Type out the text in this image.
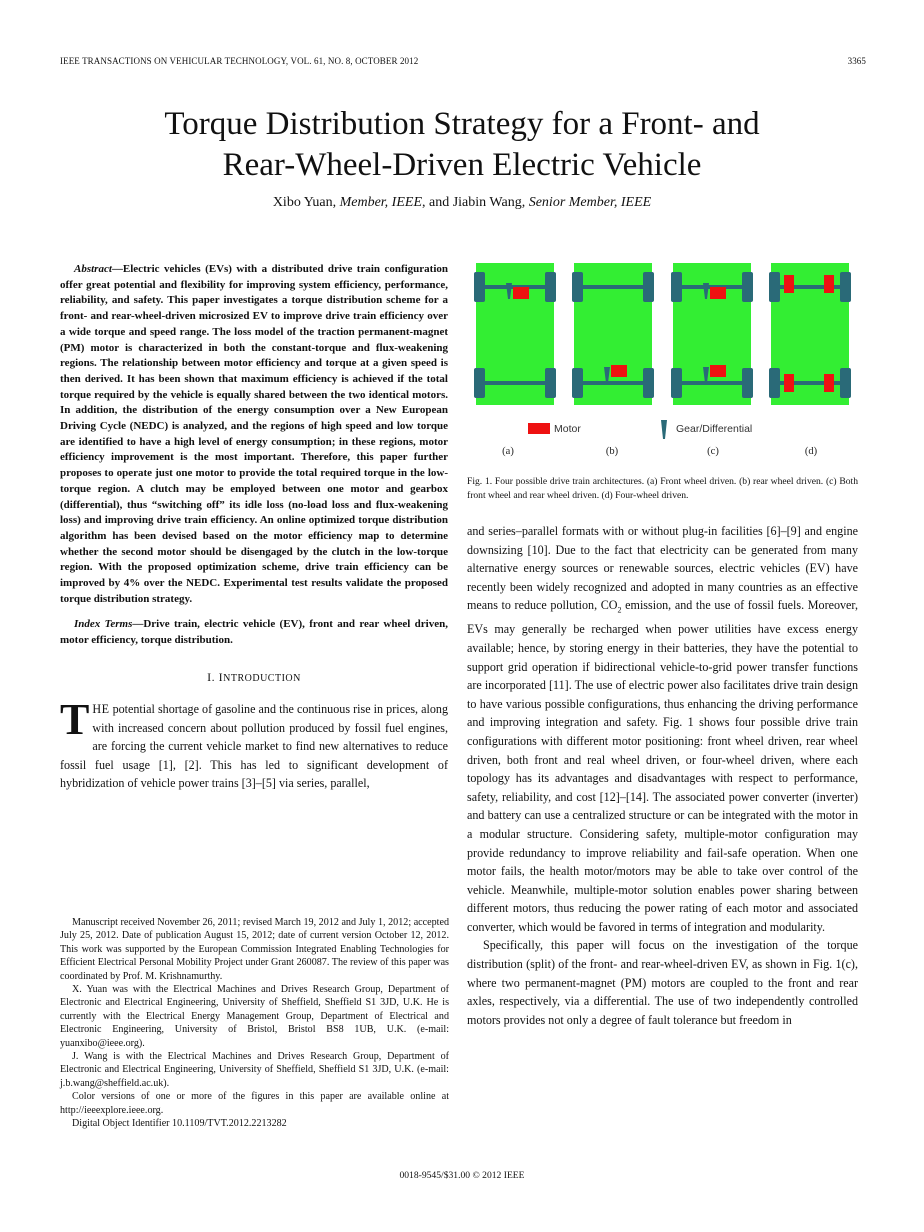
IEEE TRANSACTIONS ON VEHICULAR TECHNOLOGY, VOL. 61, NO. 8, OCTOBER 2012	3365
Torque Distribution Strategy for a Front- and
Rear-Wheel-Driven Electric Vehicle
Xibo Yuan, Member, IEEE, and Jiabin Wang, Senior Member, IEEE

Abstract—Electric vehicles (EVs) with a distributed drive train configuration offer great potential and flexibility for improving system efficiency, performance, reliability, and safety. This paper investigates a torque distribution scheme for a front- and rear-wheel-driven microsized EV to improve drive train efficiency over a wide torque and speed range. The loss model of the traction permanent-magnet (PM) motor is characterized in both the constant-torque and flux-weakening regions. The relationship between motor efficiency and torque at a given speed is then derived. It has been shown that maximum efficiency is achieved if the total torque required by the vehicle is equally shared between the two identical motors. In addition, the distribution of the energy consumption over a New European Driving Cycle (NEDC) is analyzed, and the regions of high speed and low torque are identified to have a high level of energy consumption; in these regions, motor efficiency improvement is the most important. Therefore, this paper further proposes to operate just one motor to provide the total required torque in the low-torque region. A clutch may be employed between one motor and gearbox (differential), thus “switching off” its idle loss (no-load loss and flux-weakening loss) and improving drive train efficiency. An online optimized torque distribution algorithm has been devised based on the motor efficiency map to determine whether the second motor should be disengaged by the clutch in the low-torque region. With the proposed optimization scheme, drive train efficiency can be improved by 4% over the NEDC. Experimental test results validate the proposed torque distribution strategy.

Index Terms—Drive train, electric vehicle (EV), front and rear wheel driven, motor efficiency, torque distribution.

I. INTRODUCTION

THE potential shortage of gasoline and the continuous rise in prices, along with increased concern about pollution produced by fossil fuel engines, are forcing the current vehicle market to find new alternatives to reduce fossil fuel usage [1], [2]. This has led to significant development of hybridization of vehicle power trains [3]–[5] via series, parallel,

Manuscript received November 26, 2011; revised March 19, 2012 and July 1, 2012; accepted July 25, 2012. Date of publication August 15, 2012; date of current version October 12, 2012. This work was supported by the European Commission Integrated Enabling Technologies for Efficient Electrical Personal Mobility Project under Grant 260087. The review of this paper was coordinated by Prof. M. Krishnamurthy.

X. Yuan was with the Electrical Machines and Drives Research Group, Department of Electronic and Electrical Engineering, University of Sheffield, Sheffield S1 3JD, U.K. He is currently with the Electrical Energy Management Group, Department of Electrical and Electronic Engineering, University of Bristol, Bristol BS8 1UB, U.K. (e-mail: yuanxibo@ieee.org).

J. Wang is with the Electrical Machines and Drives Research Group, Department of Electronic and Electrical Engineering, University of Sheffield, Sheffield S1 3JD, U.K. (e-mail: j.b.wang@sheffield.ac.uk).

Color versions of one or more of the figures in this paper are available online at http://ieeexplore.ieee.org.

Digital Object Identifier 10.1109/TVT.2012.2213282

Motor	Gear/Differential
(a)	(b)	(c)	(d)
Fig. 1. Four possible drive train architectures. (a) Front wheel driven. (b) rear wheel driven. (c) Both front wheel and rear wheel driven. (d) Four-wheel driven.

and series–parallel formats with or without plug-in facilities [6]–[9] and engine downsizing [10]. Due to the fact that electricity can be generated from many alternative energy sources or renewable sources, electric vehicles (EV) have recently been widely recognized and adopted in many countries as an effective means to reduce pollution, $CO_2$ emission, and the use of fossil fuels. Moreover, EVs may generally be recharged when power utilities have excess energy available; hence, by storing energy in their batteries, they have the potential to support grid operation if bidirectional vehicle-to-grid power transfer functions are incorporated [11]. The use of electric power also facilitates drive train design to have various possible configurations, thus enhancing the driving performance and improving integration and safety. Fig. 1 shows four possible drive train configurations with different motor positioning: front wheel driven, rear wheel driven, both front and real wheel driven, or four-wheel driven, where each topology has its advantages and disadvantages with respect to performance, safety, reliability, and cost [12]–[14]. The associated power converter (inverter) and battery can use a centralized structure or can be integrated with the motor in a modular structure. Considering safety, multiple-motor configuration may provide redundancy to improve reliability and fail-safe operation. When one motor fails, the health motor/motors may be able to take over control of the vehicle. Meanwhile, multiple-motor solution enables power sharing between different motors, thus reducing the power rating of each motor and associated converter, which would be favored in terms of integration and modularity.

Specifically, this paper will focus on the investigation of the torque distribution (split) of the front- and rear-wheel-driven EV, as shown in Fig. 1(c), where two permanent-magnet (PM) motors are coupled to the front and rear axles, respectively, via a differential. The use of two independently controlled motors provides not only a degree of fault tolerance but freedom in

0018-9545/$31.00 © 2012 IEEE
